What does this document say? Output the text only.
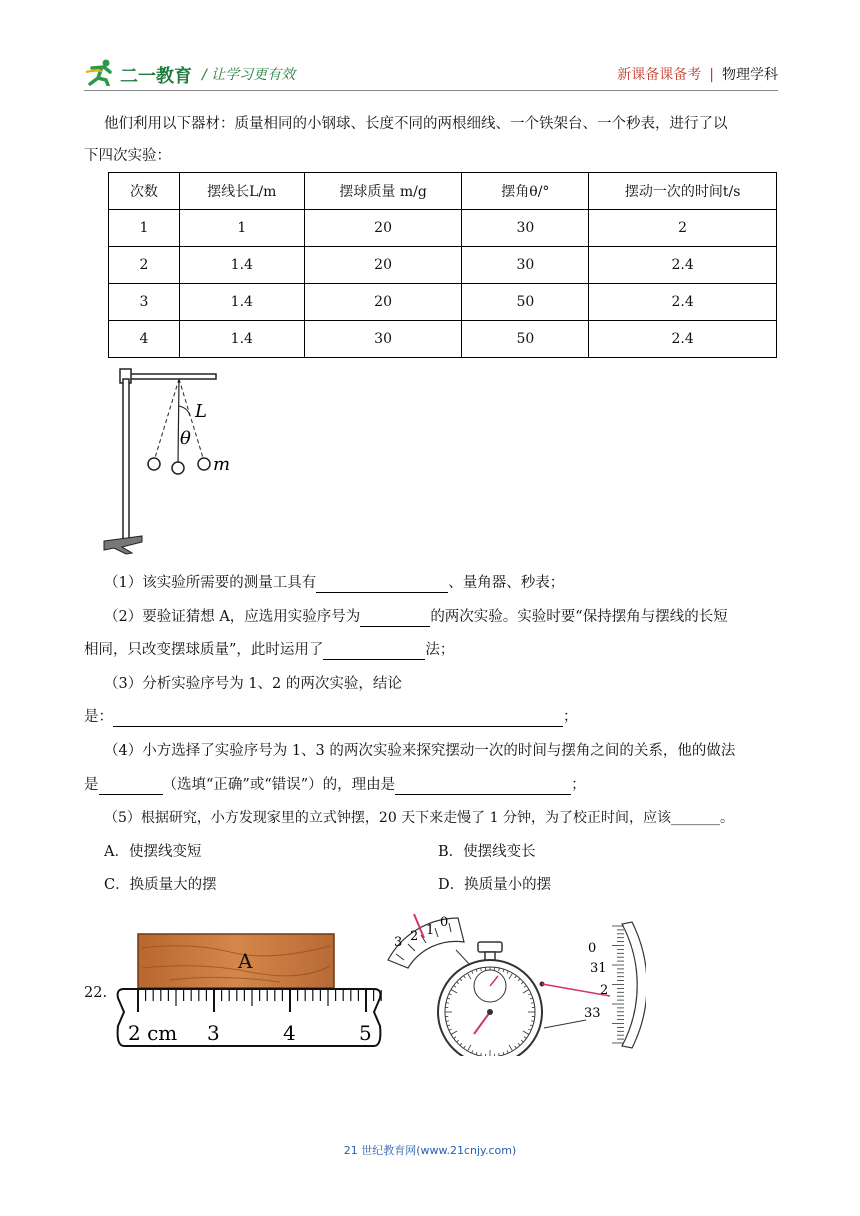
二一教育 / 让学习更有效	新课备课备考 | 物理学科
他们利用以下器材：质量相同的小钢球、长度不同的两根细线、一个铁架台、一个秒表，进行了以
下四次实验：
次数	摆线长L/m	摆球质量 m/g	摆角θ/°	摆动一次的时间t/s
1	1	20	30	2
2	1.4	20	30	2.4
3	1.4	20	50	2.4
4	1.4	30	50	2.4
L
θ
m
（1）该实验所需要的测量工具有	、量角器、秒表；
（2）要验证猜想 A，应选用实验序号为	的两次实验。实验时要“保持摆角与摆线的长短
相同，只改变摆球质量”，此时运用了	法；
（3）分析实验序号为 1、2 的两次实验，结论
是：	；
（4）小方选择了实验序号为 1、3 的两次实验来探究摆动一次的时间与摆角之间的关系，他的做法
是	（选填“正确”或“错误”）的，理由是	；
（5）根据研究，小方发现家里的立式钟摆，20 天下来走慢了 1 分钟，为了校正时间，应该_______。
A．使摆线变短	B．使摆线变长
C．换质量大的摆	D．换质量小的摆
22.
A
2 cm 3	4	5
3 2 1
0
0
31
2
33
21 世纪教育网(www.21cnjy.com)
